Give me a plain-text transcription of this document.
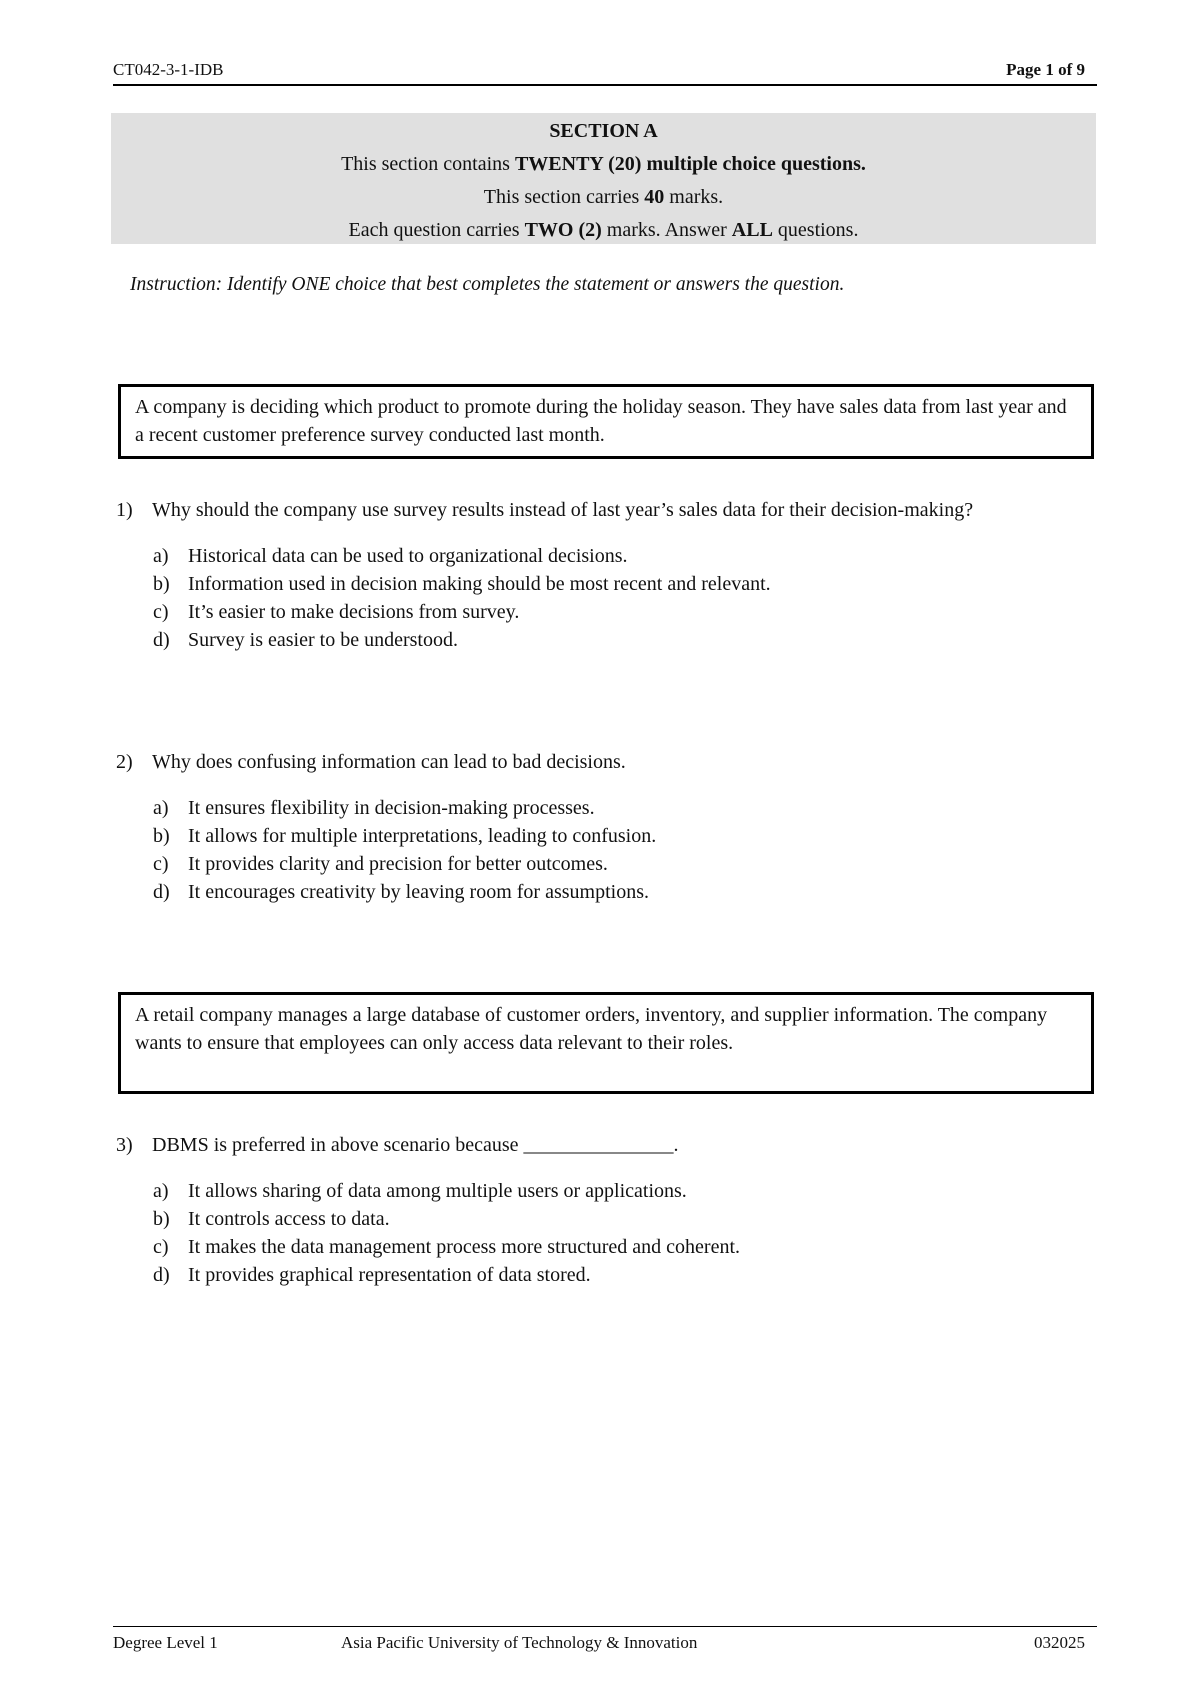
CT042-3-1-IDB	Page 1 of 9
SECTION A
This section contains TWENTY (20) multiple choice questions.
This section carries 40 marks.
Each question carries TWO (2) marks. Answer ALL questions.
Instruction: Identify ONE choice that best completes the statement or answers the question.
A company is deciding which product to promote during the holiday season. They have sales data from last year and a recent customer preference survey conducted last month.
1) Why should the company use survey results instead of last year’s sales data for their decision-making?
a) Historical data can be used to organizational decisions.
b) Information used in decision making should be most recent and relevant.
c) It’s easier to make decisions from survey.
d) Survey is easier to be understood.
2) Why does confusing information can lead to bad decisions.
a) It ensures flexibility in decision-making processes.
b) It allows for multiple interpretations, leading to confusion.
c) It provides clarity and precision for better outcomes.
d) It encourages creativity by leaving room for assumptions.
A retail company manages a large database of customer orders, inventory, and supplier information. The company wants to ensure that employees can only access data relevant to their roles.
3) DBMS is preferred in above scenario because _______________.
a) It allows sharing of data among multiple users or applications.
b) It controls access to data.
c) It makes the data management process more structured and coherent.
d) It provides graphical representation of data stored.
Degree Level 1	Asia Pacific University of Technology & Innovation	032025
